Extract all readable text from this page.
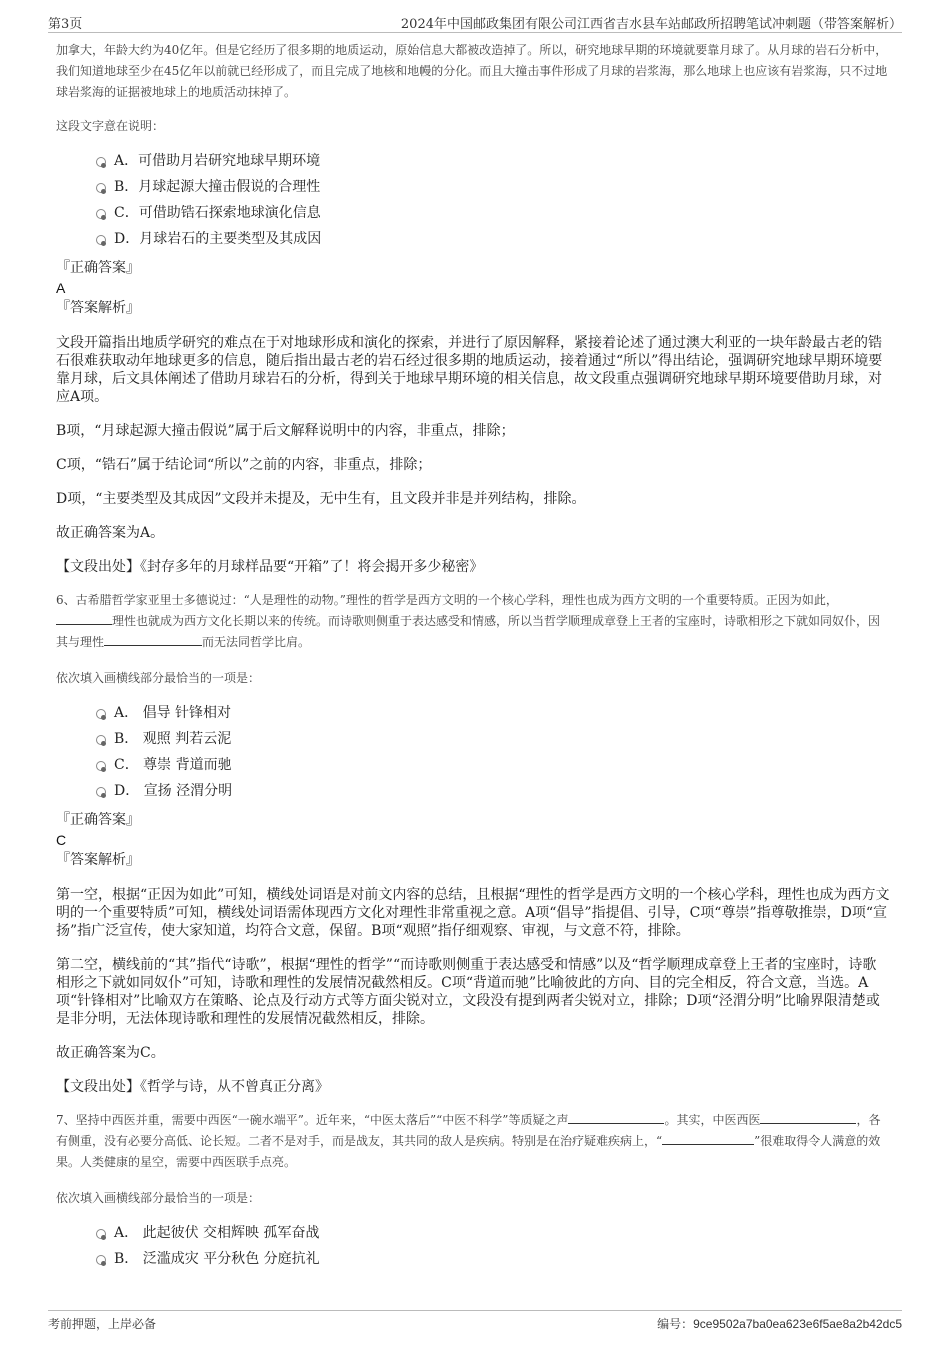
第3页	2024年中国邮政集团有限公司江西省吉水县车站邮政所招聘笔试冲刺题（带答案解析）

加拿大，年龄大约为40亿年。但是它经历了很多期的地质运动，原始信息大都被改造掉了。所以，研究地球早期的环境就要靠月球了。从月球的岩石分析中，我们知道地球至少在45亿年以前就已经形成了，而且完成了地核和地幔的分化。而且大撞击事件形成了月球的岩浆海，那么地球上也应该有岩浆海，只不过地球岩浆海的证据被地球上的地质活动抹掉了。

这段文字意在说明：

A．可借助月岩研究地球早期环境
B．月球起源大撞击假说的合理性
C．可借助锆石探索地球演化信息
D．月球岩石的主要类型及其成因

『正确答案』

A

『答案解析』

文段开篇指出地质学研究的难点在于对地球形成和演化的探索，并进行了原因解释，紧接着论述了通过澳大利亚的一块年龄最古老的锆石很难获取动年地球更多的信息，随后指出最古老的岩石经过很多期的地质运动，接着通过“所以”得出结论，强调研究地球早期环境要靠月球，后文具体阐述了借助月球岩石的分析，得到关于地球早期环境的相关信息，故文段重点强调研究地球早期环境要借助月球，对应A项。

B项，“月球起源大撞击假说”属于后文解释说明中的内容，非重点，排除；

C项，“锆石”属于结论词“所以”之前的内容，非重点，排除；

D项，“主要类型及其成因”文段并未提及，无中生有，且文段并非是并列结构，排除。

故正确答案为A。

【文段出处】《封存多年的月球样品要“开箱”了！将会揭开多少秘密》

6、古希腊哲学家亚里士多德说过：“人是理性的动物。”理性的哲学是西方文明的一个核心学科，理性也成为西方文明的一个重要特质。正因为如此，理性也就成为西方文化长期以来的传统。而诗歌则侧重于表达感受和情感，所以当哲学顺理成章登上王者的宝座时，诗歌相形之下就如同奴仆，因其与理性	而无法同哲学比肩。

依次填入画横线部分最恰当的一项是：

A． 倡导 针锋相对
B． 观照 判若云泥
C． 尊崇 背道而驰
D． 宣扬 泾渭分明

『正确答案』

C

『答案解析』

第一空，根据“正因为如此”可知，横线处词语是对前文内容的总结，且根据“理性的哲学是西方文明的一个核心学科，理性也成为西方文明的一个重要特质”可知，横线处词语需体现西方文化对理性非常重视之意。A项“倡导”指提倡、引导，C项“尊崇”指尊敬推崇，D项“宣扬”指广泛宣传，使大家知道，均符合文意，保留。B项“观照”指仔细观察、审视，与文意不符，排除。

第二空，横线前的“其”指代“诗歌”，根据“理性的哲学”“而诗歌则侧重于表达感受和情感”以及“哲学顺理成章登上王者的宝座时，诗歌相形之下就如同奴仆”可知，诗歌和理性的发展情况截然相反。C项“背道而驰”比喻彼此的方向、目的完全相反，符合文意，当选。A项“针锋相对”比喻双方在策略、论点及行动方式等方面尖锐对立，文段没有提到两者尖锐对立，排除；D项“泾渭分明”比喻界限清楚或是非分明，无法体现诗歌和理性的发展情况截然相反，排除。

故正确答案为C。

【文段出处】《哲学与诗，从不曾真正分离》

7、坚持中西医并重，需要中西医“一碗水端平”。近年来，“中医太落后”“中医不科学”等质疑之声	。其实，中医西医	，各有侧重，没有必要分高低、论长短。二者不是对手，而是战友，其共同的敌人是疾病。特别是在治疗疑难疾病上，“	”很难取得令人满意的效果。人类健康的星空，需要中西医联手点亮。

依次填入画横线部分最恰当的一项是：

A． 此起彼伏 交相辉映 孤军奋战
B． 泛滥成灾 平分秋色 分庭抗礼
考前押题，上岸必备	编号：9ce9502a7ba0ea623e6f5ae8a2b42dc5
